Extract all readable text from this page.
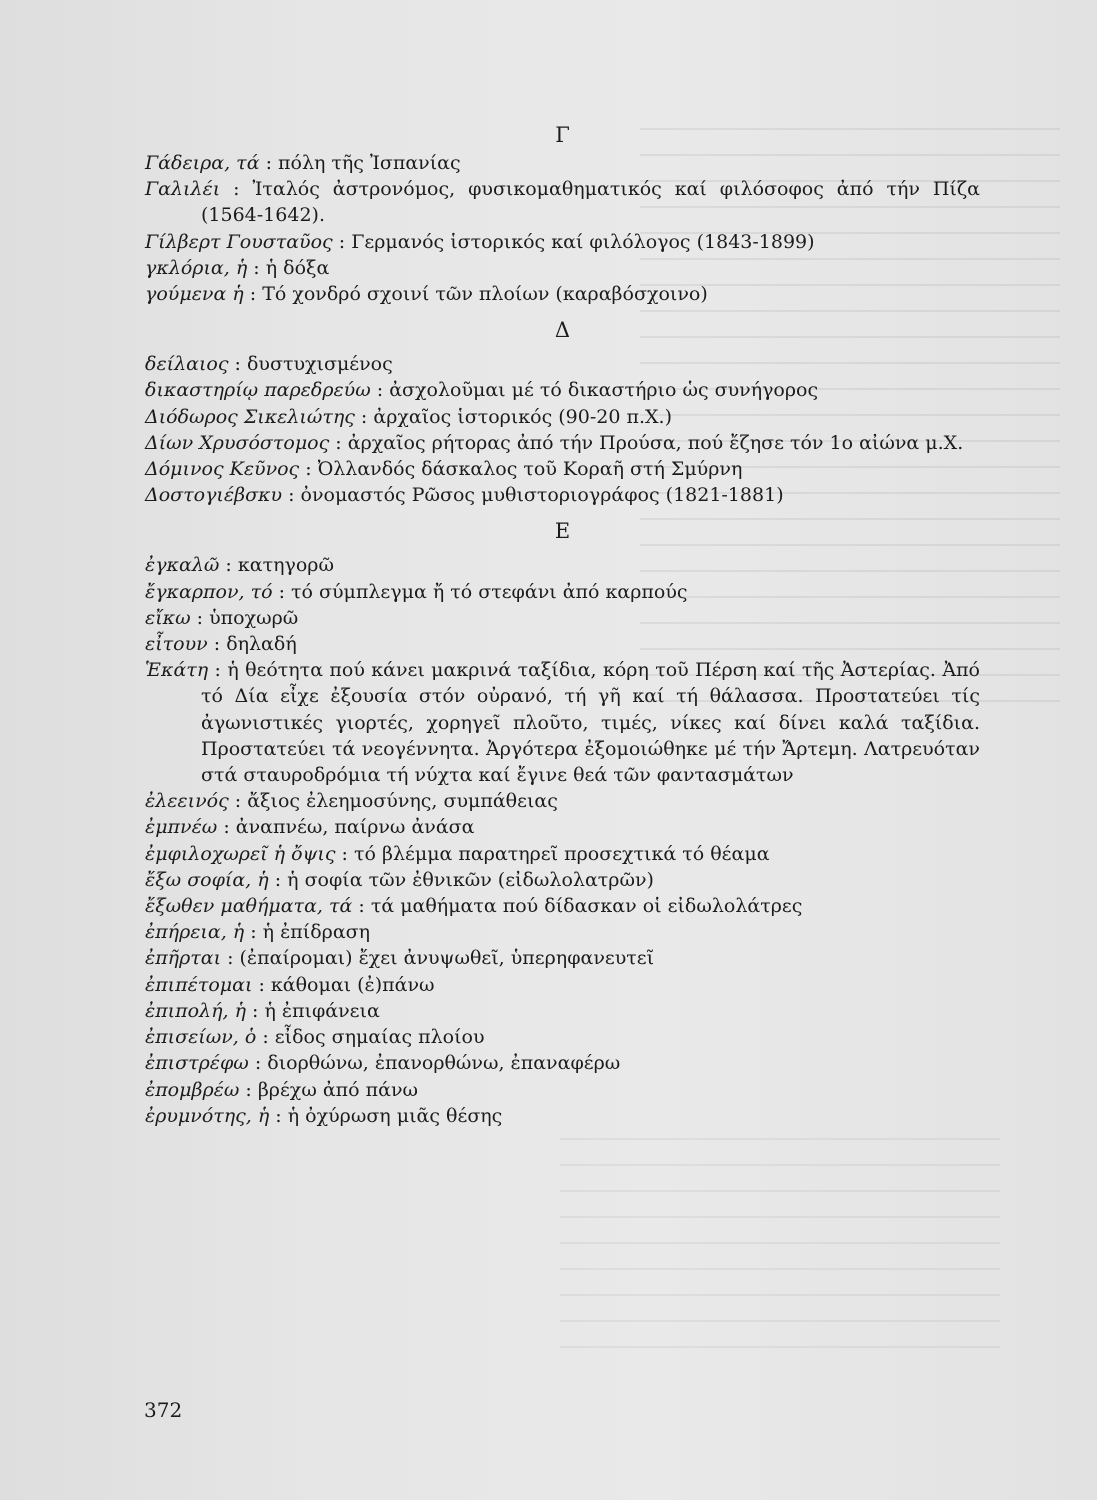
Γ
Γάδειρα, τά : πόλη τῆς Ἰσπανίας
Γαλιλέι : Ἰταλός ἀστρονόμος, φυσικομαθηματικός καί φιλόσοφος ἀπό τήν Πίζα (1564-1642).
Γίλβερτ Γουσταῦος : Γερμανός ἱστορικός καί φιλόλογος (1843-1899)
γκλόρια, ἡ : ἡ δόξα
γούμενα ἡ : Τό χονδρό σχοινί τῶν πλοίων (καραβόσχοινο)
Δ
δείλαιος : δυστυχισμένος
δικαστηρίῳ παρεδρεύω : ἀσχολοῦμαι μέ τό δικαστήριο ὡς συνήγορος
Διόδωρος Σικελιώτης : ἀρχαῖος ἱστορικός (90-20 π.Χ.)
Δίων Χρυσόστομος : ἀρχαῖος ρήτορας ἀπό τήν Προύσα, πού ἔζησε τόν 1ο αἰώνα μ.Χ.
Δόμινος Κεῦνος : Ὀλλανδός δάσκαλος τοῦ Κοραῆ στή Σμύρνη
Δοστογιέβσκυ : ὀνομαστός Ρῶσος μυθιστοριογράφος (1821-1881)
Ε
ἐγκαλῶ : κατηγορῶ
ἔγκαρπον, τό : τό σύμπλεγμα ἤ τό στεφάνι ἀπό καρπούς
εἴκω : ὑποχωρῶ
εἶτουν : δηλαδή
Ἑκάτη : ἡ θεότητα πού κάνει μακρινά ταξίδια, κόρη τοῦ Πέρση καί τῆς Ἀστερίας. Ἀπό τό Δία εἶχε ἐξουσία στόν οὐρανό, τή γῆ καί τή θάλασσα. Προστατεύει τίς ἀγωνιστικές γιορτές, χορηγεῖ πλοῦτο, τιμές, νίκες καί δίνει καλά ταξίδια. Προστατεύει τά νεογέννητα. Ἀργότερα ἐξομοιώθηκε μέ τήν Ἄρτεμη. Λατρευόταν στά σταυροδρόμια τή νύχτα καί ἔγινε θεά τῶν φαντασμάτων
ἐλεεινός : ἄξιος ἐλεημοσύνης, συμπάθειας
ἐμπνέω : ἀναπνέω, παίρνω ἀνάσα
ἐμφιλοχωρεῖ ἡ ὄψις : τό βλέμμα παρατηρεῖ προσεχτικά τό θέαμα
ἔξω σοφία, ἡ : ἡ σοφία τῶν ἐθνικῶν (εἰδωλολατρῶν)
ἔξωθεν μαθήματα, τά : τά μαθήματα πού δίδασκαν οἱ εἰδωλολάτρες
ἐπήρεια, ἡ : ἡ ἐπίδραση
ἐπῆρται : (ἐπαίρομαι) ἔχει ἀνυψωθεῖ, ὑπερηφανευτεῖ
ἐπιπέτομαι : κάθομαι (ἐ)πάνω
ἐπιπολή, ἡ : ἡ ἐπιφάνεια
ἐπισείων, ὁ : εἶδος σημαίας πλοίου
ἐπιστρέφω : διορθώνω, ἐπανορθώνω, ἐπαναφέρω
ἐπομβρέω : βρέχω ἀπό πάνω
ἐρυμνότης, ἡ : ἡ ὀχύρωση μιᾶς θέσης
372
